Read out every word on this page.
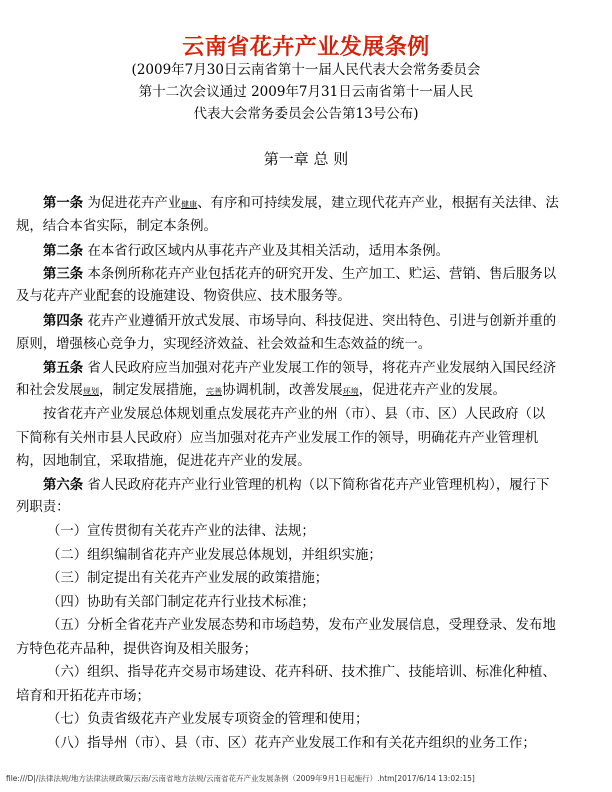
云南省花卉产业发展条例
(2009年7月30日云南省第十一届人民代表大会常务委员会
第十二次会议通过 2009年7月31日云南省第十一届人民
代表大会常务委员会公告第13号公布)
第一章 总 则
第一条 为促进花卉产业健康、有序和可持续发展，建立现代花卉产业，根据有关法律、法
规，结合本省实际，制定本条例。
第二条 在本省行政区域内从事花卉产业及其相关活动，适用本条例。
第三条 本条例所称花卉产业包括花卉的研究开发、生产加工、贮运、营销、售后服务以
及与花卉产业配套的设施建设、物资供应、技术服务等。
第四条 花卉产业遵循开放式发展、市场导向、科技促进、突出特色、引进与创新并重的
原则，增强核心竞争力，实现经济效益、社会效益和生态效益的统一。
第五条 省人民政府应当加强对花卉产业发展工作的领导，将花卉产业发展纳入国民经济
和社会发展规划，制定发展措施，完善协调机制，改善发展环境，促进花卉产业的发展。
按省花卉产业发展总体规划重点发展花卉产业的州（市）、县（市、区）人民政府（以
下简称有关州市县人民政府）应当加强对花卉产业发展工作的领导，明确花卉产业管理机
构，因地制宜，采取措施，促进花卉产业的发展。
第六条 省人民政府花卉产业行业管理的机构（以下简称省花卉产业管理机构），履行下
列职责：
（一）宣传贯彻有关花卉产业的法律、法规；
（二）组织编制省花卉产业发展总体规划，并组织实施；
（三）制定提出有关花卉产业发展的政策措施；
（四）协助有关部门制定花卉行业技术标准；
（五）分析全省花卉产业发展态势和市场趋势，发布产业发展信息，受理登录、发布地
方特色花卉品种，提供咨询及相关服务；
（六）组织、指导花卉交易市场建设、花卉科研、技术推广、技能培训、标准化种植、
培育和开拓花卉市场；
（七）负责省级花卉产业发展专项资金的管理和使用；
（八）指导州（市）、县（市、区）花卉产业发展工作和有关花卉组织的业务工作；
file:///D|/法律法规/地方法律法规政策/云南/云南省地方法规/云南省花卉产业发展条例（2009年9月1日起施行）.htm[2017/6/14 13:02:15]
